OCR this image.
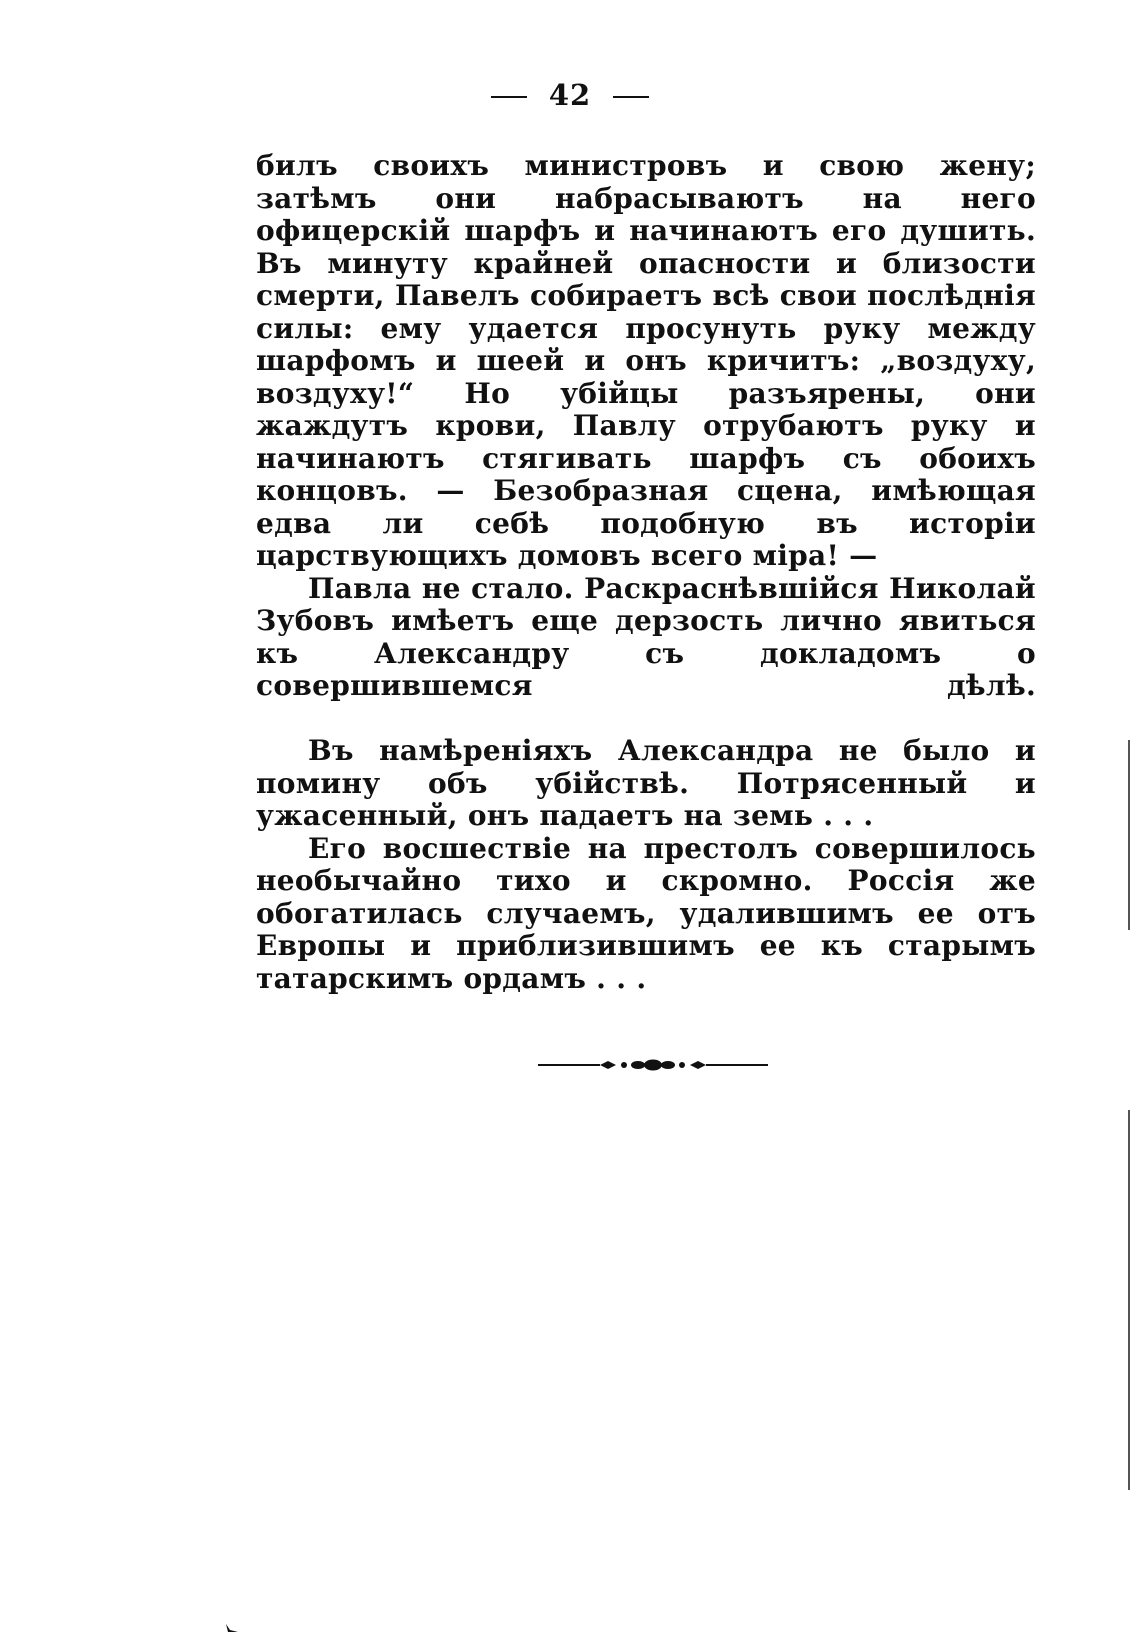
42

билъ своихъ министровъ и свою жену; затѣмъ они набрасываютъ на него офицерскій шарфъ и начинаютъ его душить. Въ минуту крайней опасности и близости смерти, Павелъ собираетъ всѣ свои послѣднія силы: ему удается просунуть руку между шарфомъ и шеей и онъ кричитъ: „воздуху, воздуху!“ Но убійцы разъярены, они жаждутъ крови, Павлу отрубаютъ руку и начинаютъ стягивать шарфъ съ обоихъ концовъ. — Безобразная сцена, имѣющая едва ли себѣ подобную въ исторіи царствующихъ домовъ всего міра! —

Павла не стало. Раскраснѣвшійся Николай Зубовъ имѣетъ еще дерзость лично явиться къ Александру съ докладомъ о совершившемся дѣлѣ.

Въ намѣреніяхъ Александра не было и помину объ убійствѣ. Потрясенный и ужасенный, онъ падаетъ на земь . . .

Его восшествіе на престолъ совершилось необычайно тихо и скромно. Россія же обогатилась случаемъ, удалившимъ ее отъ Европы и приблизившимъ ее къ старымъ татарскимъ ордамъ . . .
